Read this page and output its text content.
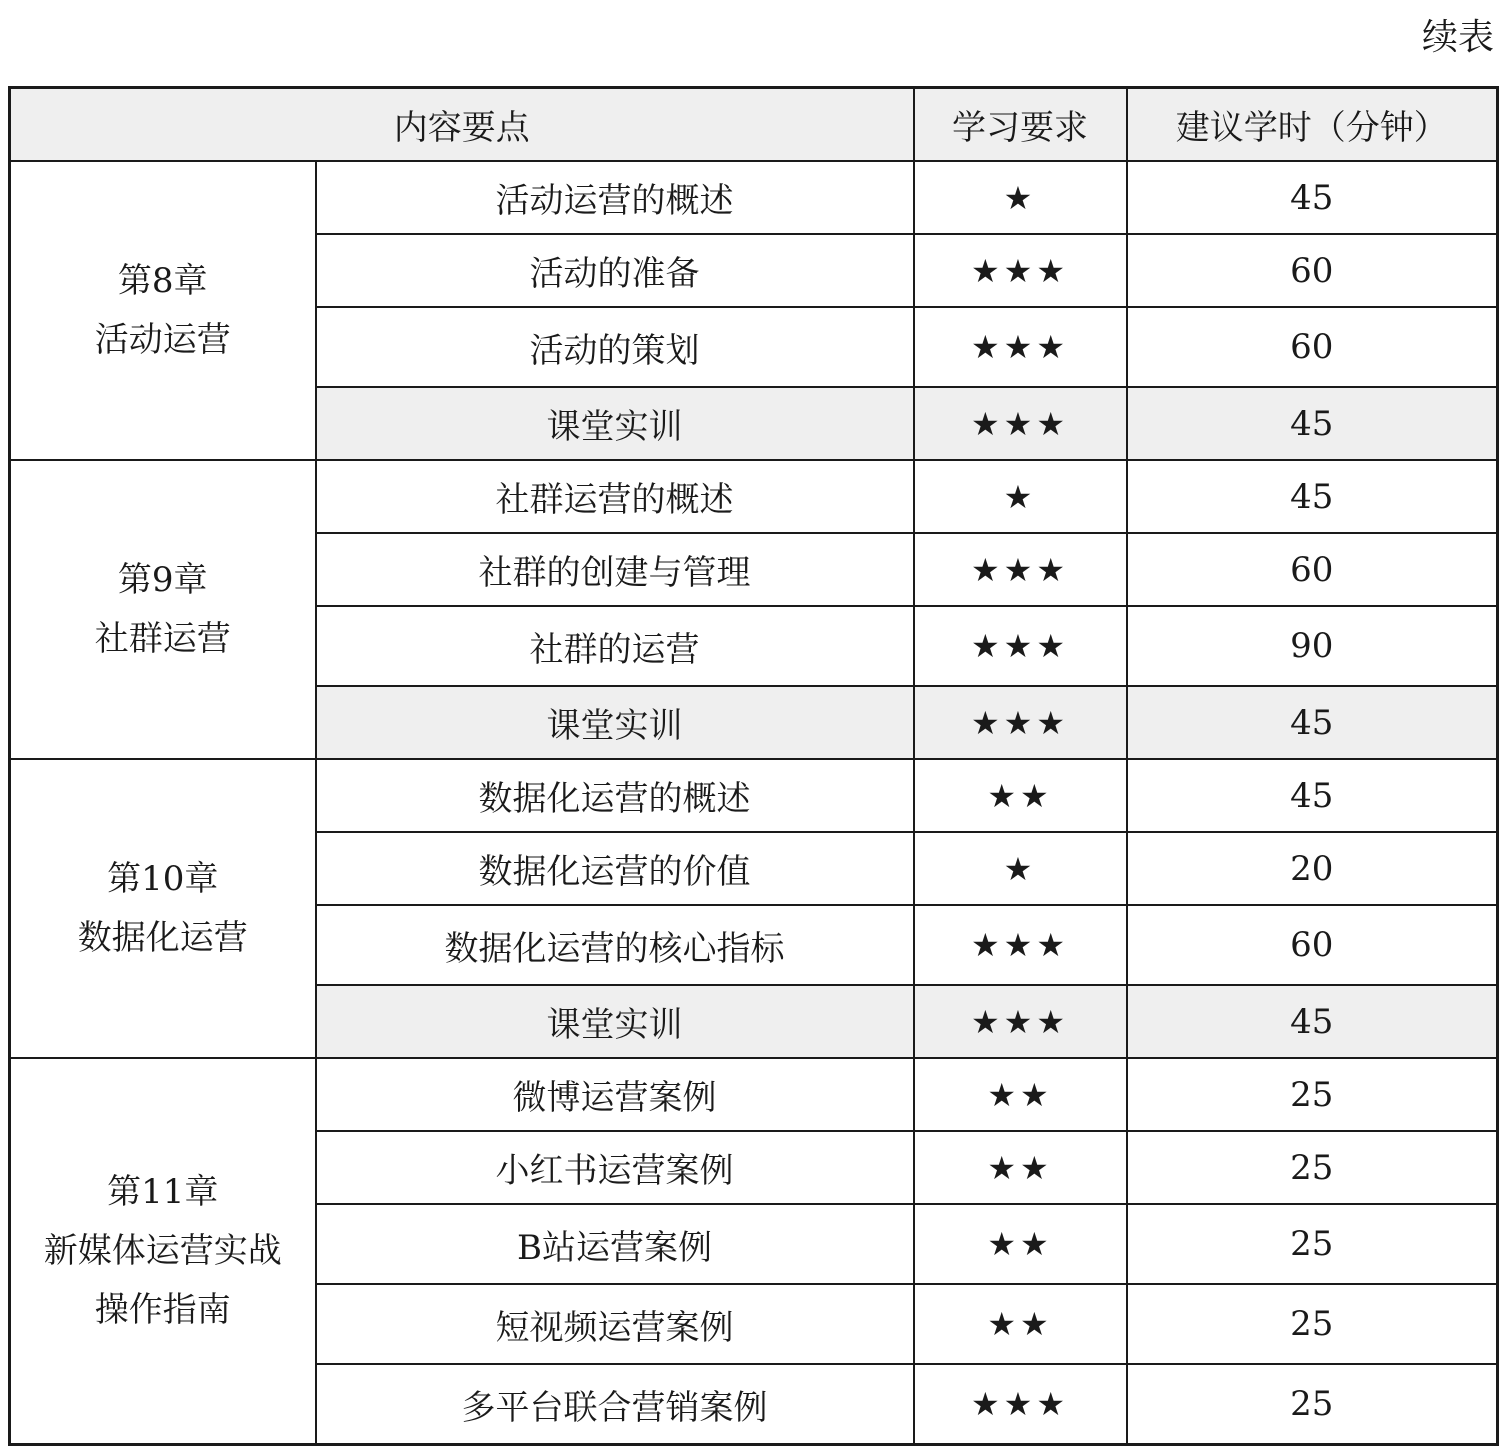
续表
内容要点		学习要求	建议学时（分钟）

第8章
活动运营	活动运营的概述	★	45
	活动的准备	★★★	60
	活动的策划	★★★	60
	课堂实训	★★★	45

第9章
社群运营	社群运营的概述	★	45
	社群的创建与管理	★★★	60
	社群的运营	★★★	90
	课堂实训	★★★	45

第10章
数据化运营	数据化运营的概述	★★	45
	数据化运营的价值	★	20
	数据化运营的核心指标	★★★	60
	课堂实训	★★★	45

第11章
新媒体运营实战
操作指南	微博运营案例	★★	25
	小红书运营案例	★★	25
	B站运营案例	★★	25
	短视频运营案例	★★	25
	多平台联合营销案例	★★★	25
